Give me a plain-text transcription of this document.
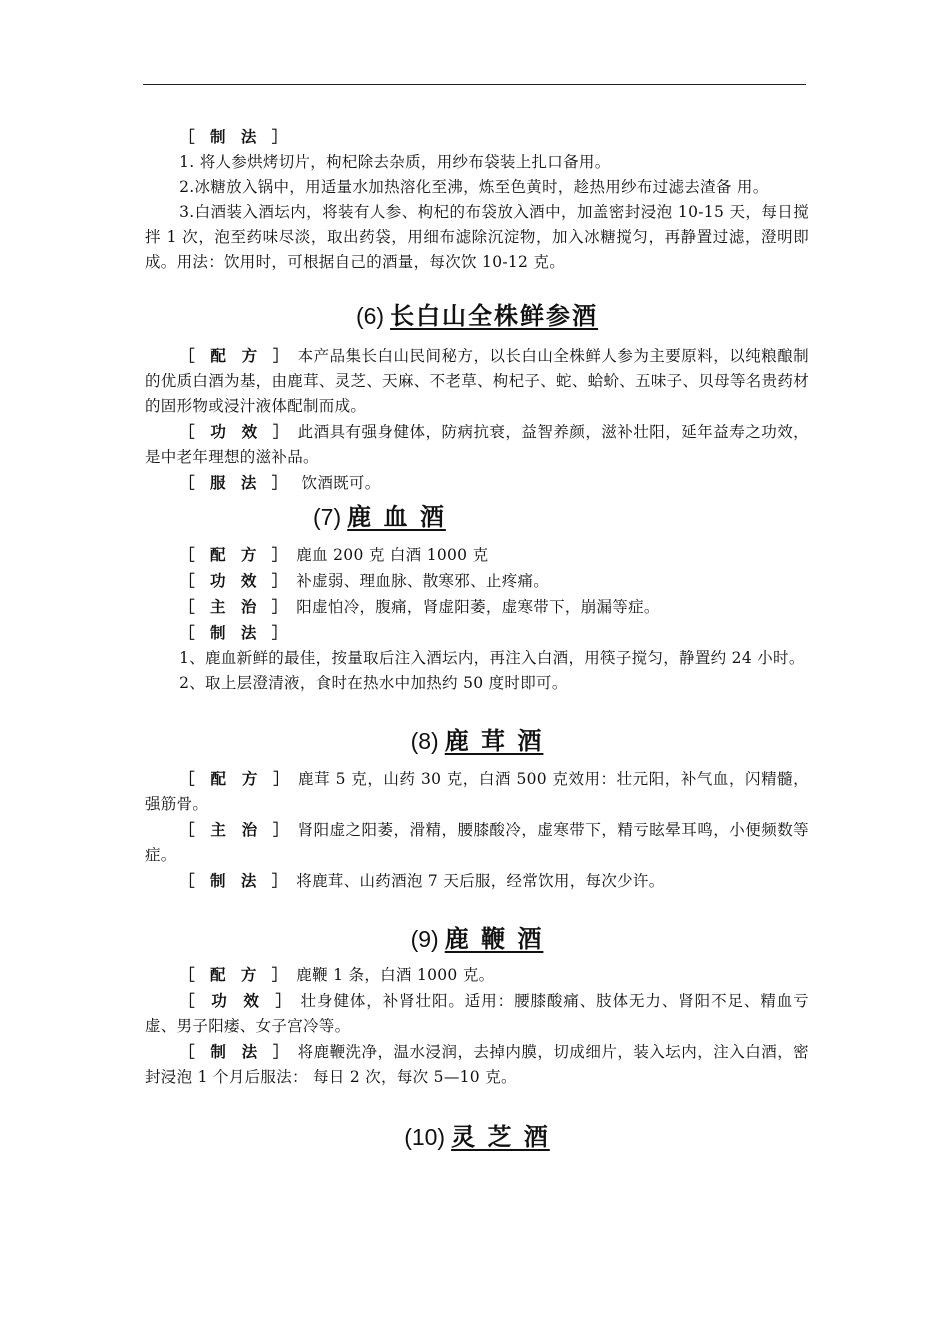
［ 制 法 ］

1. 将人参烘烤切片，枸杞除去杂质，用纱布袋装上扎口备用。

2.冰糖放入锅中，用适量水加热溶化至沸，炼至色黄时，趁热用纱布过滤去渣备 用。

3.白酒装入酒坛内，将装有人参、枸杞的布袋放入酒中，加盖密封浸泡 10-15 天，每日搅拌 1 次，泡至药味尽淡，取出药袋，用细布滤除沉淀物，加入冰糖搅匀，再静置过滤，澄明即成。用法：饮用时，可根据自己的酒量，每次饮 10-12 克。

(6) 长白山全株鲜参酒

［ 配 方 ］ 本产品集长白山民间秘方，以长白山全株鲜人参为主要原料，以纯粮酿制的优质白酒为基，由鹿茸、灵芝、天麻、不老草、枸杞子、蛇、蛤蚧、五味子、贝母等名贵药材的固形物或浸汁液体配制而成。

［ 功 效 ］ 此酒具有强身健体，防病抗衰，益智养颜，滋补壮阳，延年益寿之功效，是中老年理想的滋补品。

［ 服 法 ］ 饮酒既可。

(7) 鹿 血 酒

［ 配 方 ］ 鹿血 200 克 白酒 1000 克

［ 功 效 ］ 补虚弱、理血脉、散寒邪、止疼痛。

［ 主 治 ］ 阳虚怕冷，腹痛，肾虚阳萎，虚寒带下，崩漏等症。

［ 制 法 ］

1、鹿血新鲜的最佳，按量取后注入酒坛内，再注入白酒，用筷子搅匀，静置约 24 小时。

2、取上层澄清液，食时在热水中加热约 50 度时即可。

(8) 鹿 茸 酒

［ 配 方 ］ 鹿茸 5 克，山药 30 克，白酒 500 克效用：壮元阳，补气血，闪精髓，强筋骨。

［ 主 治 ］ 肾阳虚之阳萎，滑精，腰膝酸冷，虚寒带下，精亏眩晕耳鸣，小便频数等症。

［ 制 法 ］ 将鹿茸、山药酒泡 7 天后服，经常饮用，每次少许。

(9) 鹿 鞭 酒

［ 配 方 ］ 鹿鞭 1 条，白酒 1000 克。

［ 功 效 ］ 壮身健体，补肾壮阳。适用：腰膝酸痛、肢体无力、肾阳不足、精血亏虚、男子阳痿、女子宫冷等。

［ 制 法 ］ 将鹿鞭洗净，温水浸润，去掉内膜，切成细片，装入坛内，注入白酒，密封浸泡 1 个月后服法： 每日 2 次，每次 5—10 克。

(10) 灵 芝 酒
